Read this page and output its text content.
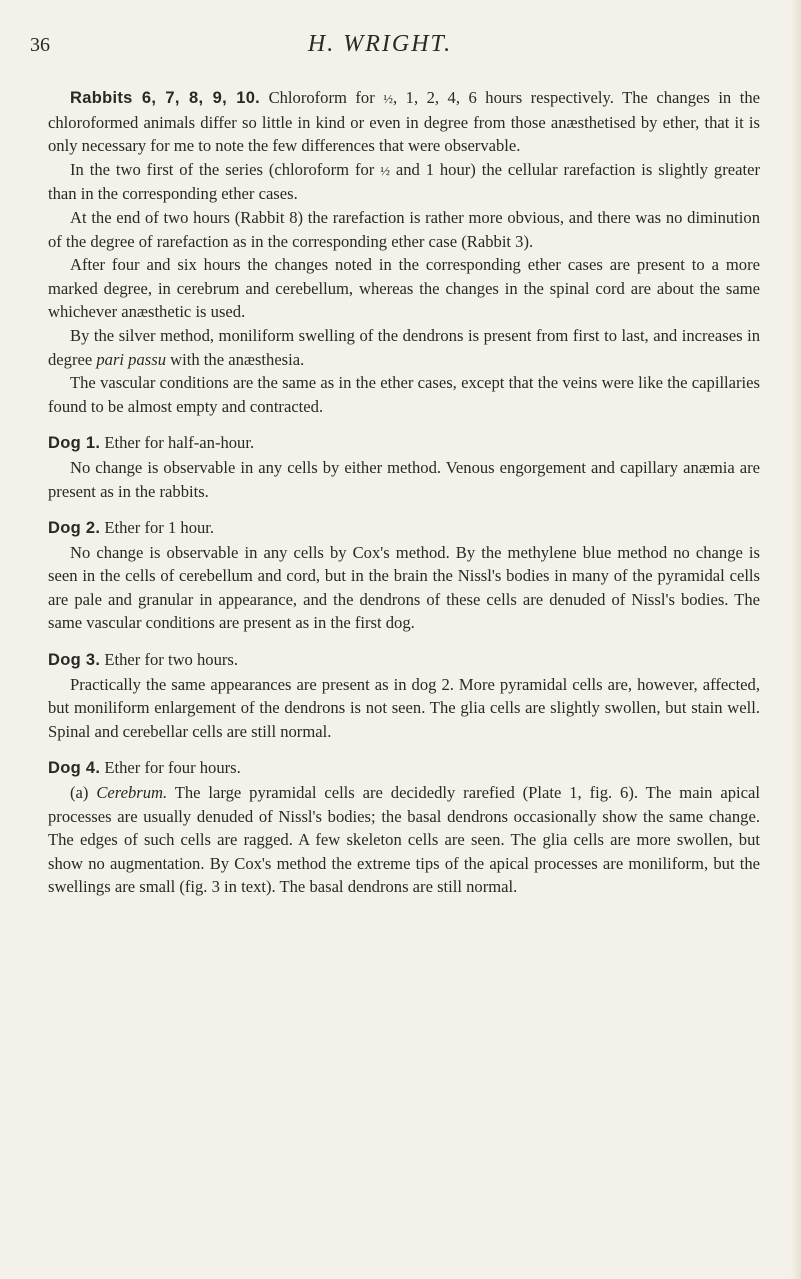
36	H. WRIGHT.

Rabbits 6, 7, 8, 9, 10. Chloroform for ½, 1, 2, 4, 6 hours respectively. The changes in the chloroformed animals differ so little in kind or even in degree from those anæsthetised by ether, that it is only necessary for me to note the few differences that were observable.

In the two first of the series (chloroform for ½ and 1 hour) the cellular rarefaction is slightly greater than in the corresponding ether cases.

At the end of two hours (Rabbit 8) the rarefaction is rather more obvious, and there was no diminution of the degree of rarefaction as in the corresponding ether case (Rabbit 3).

After four and six hours the changes noted in the corresponding ether cases are present to a more marked degree, in cerebrum and cerebellum, whereas the changes in the spinal cord are about the same whichever anæsthetic is used.

By the silver method, moniliform swelling of the dendrons is present from first to last, and increases in degree pari passu with the anæsthesia.

The vascular conditions are the same as in the ether cases, except that the veins were like the capillaries found to be almost empty and contracted.

Dog 1. Ether for half-an-hour.

No change is observable in any cells by either method. Venous engorgement and capillary anæmia are present as in the rabbits.

Dog 2. Ether for 1 hour.

No change is observable in any cells by Cox's method. By the methylene blue method no change is seen in the cells of cerebellum and cord, but in the brain the Nissl's bodies in many of the pyramidal cells are pale and granular in appearance, and the dendrons of these cells are denuded of Nissl's bodies. The same vascular conditions are present as in the first dog.

Dog 3. Ether for two hours.

Practically the same appearances are present as in dog 2. More pyramidal cells are, however, affected, but moniliform enlargement of the dendrons is not seen. The glia cells are slightly swollen, but stain well. Spinal and cerebellar cells are still normal.

Dog 4. Ether for four hours.

(a) Cerebrum. The large pyramidal cells are decidedly rarefied (Plate 1, fig. 6). The main apical processes are usually denuded of Nissl's bodies; the basal dendrons occasionally show the same change. The edges of such cells are ragged. A few skeleton cells are seen. The glia cells are more swollen, but show no augmentation. By Cox's method the extreme tips of the apical processes are moniliform, but the swellings are small (fig. 3 in text). The basal dendrons are still normal.
